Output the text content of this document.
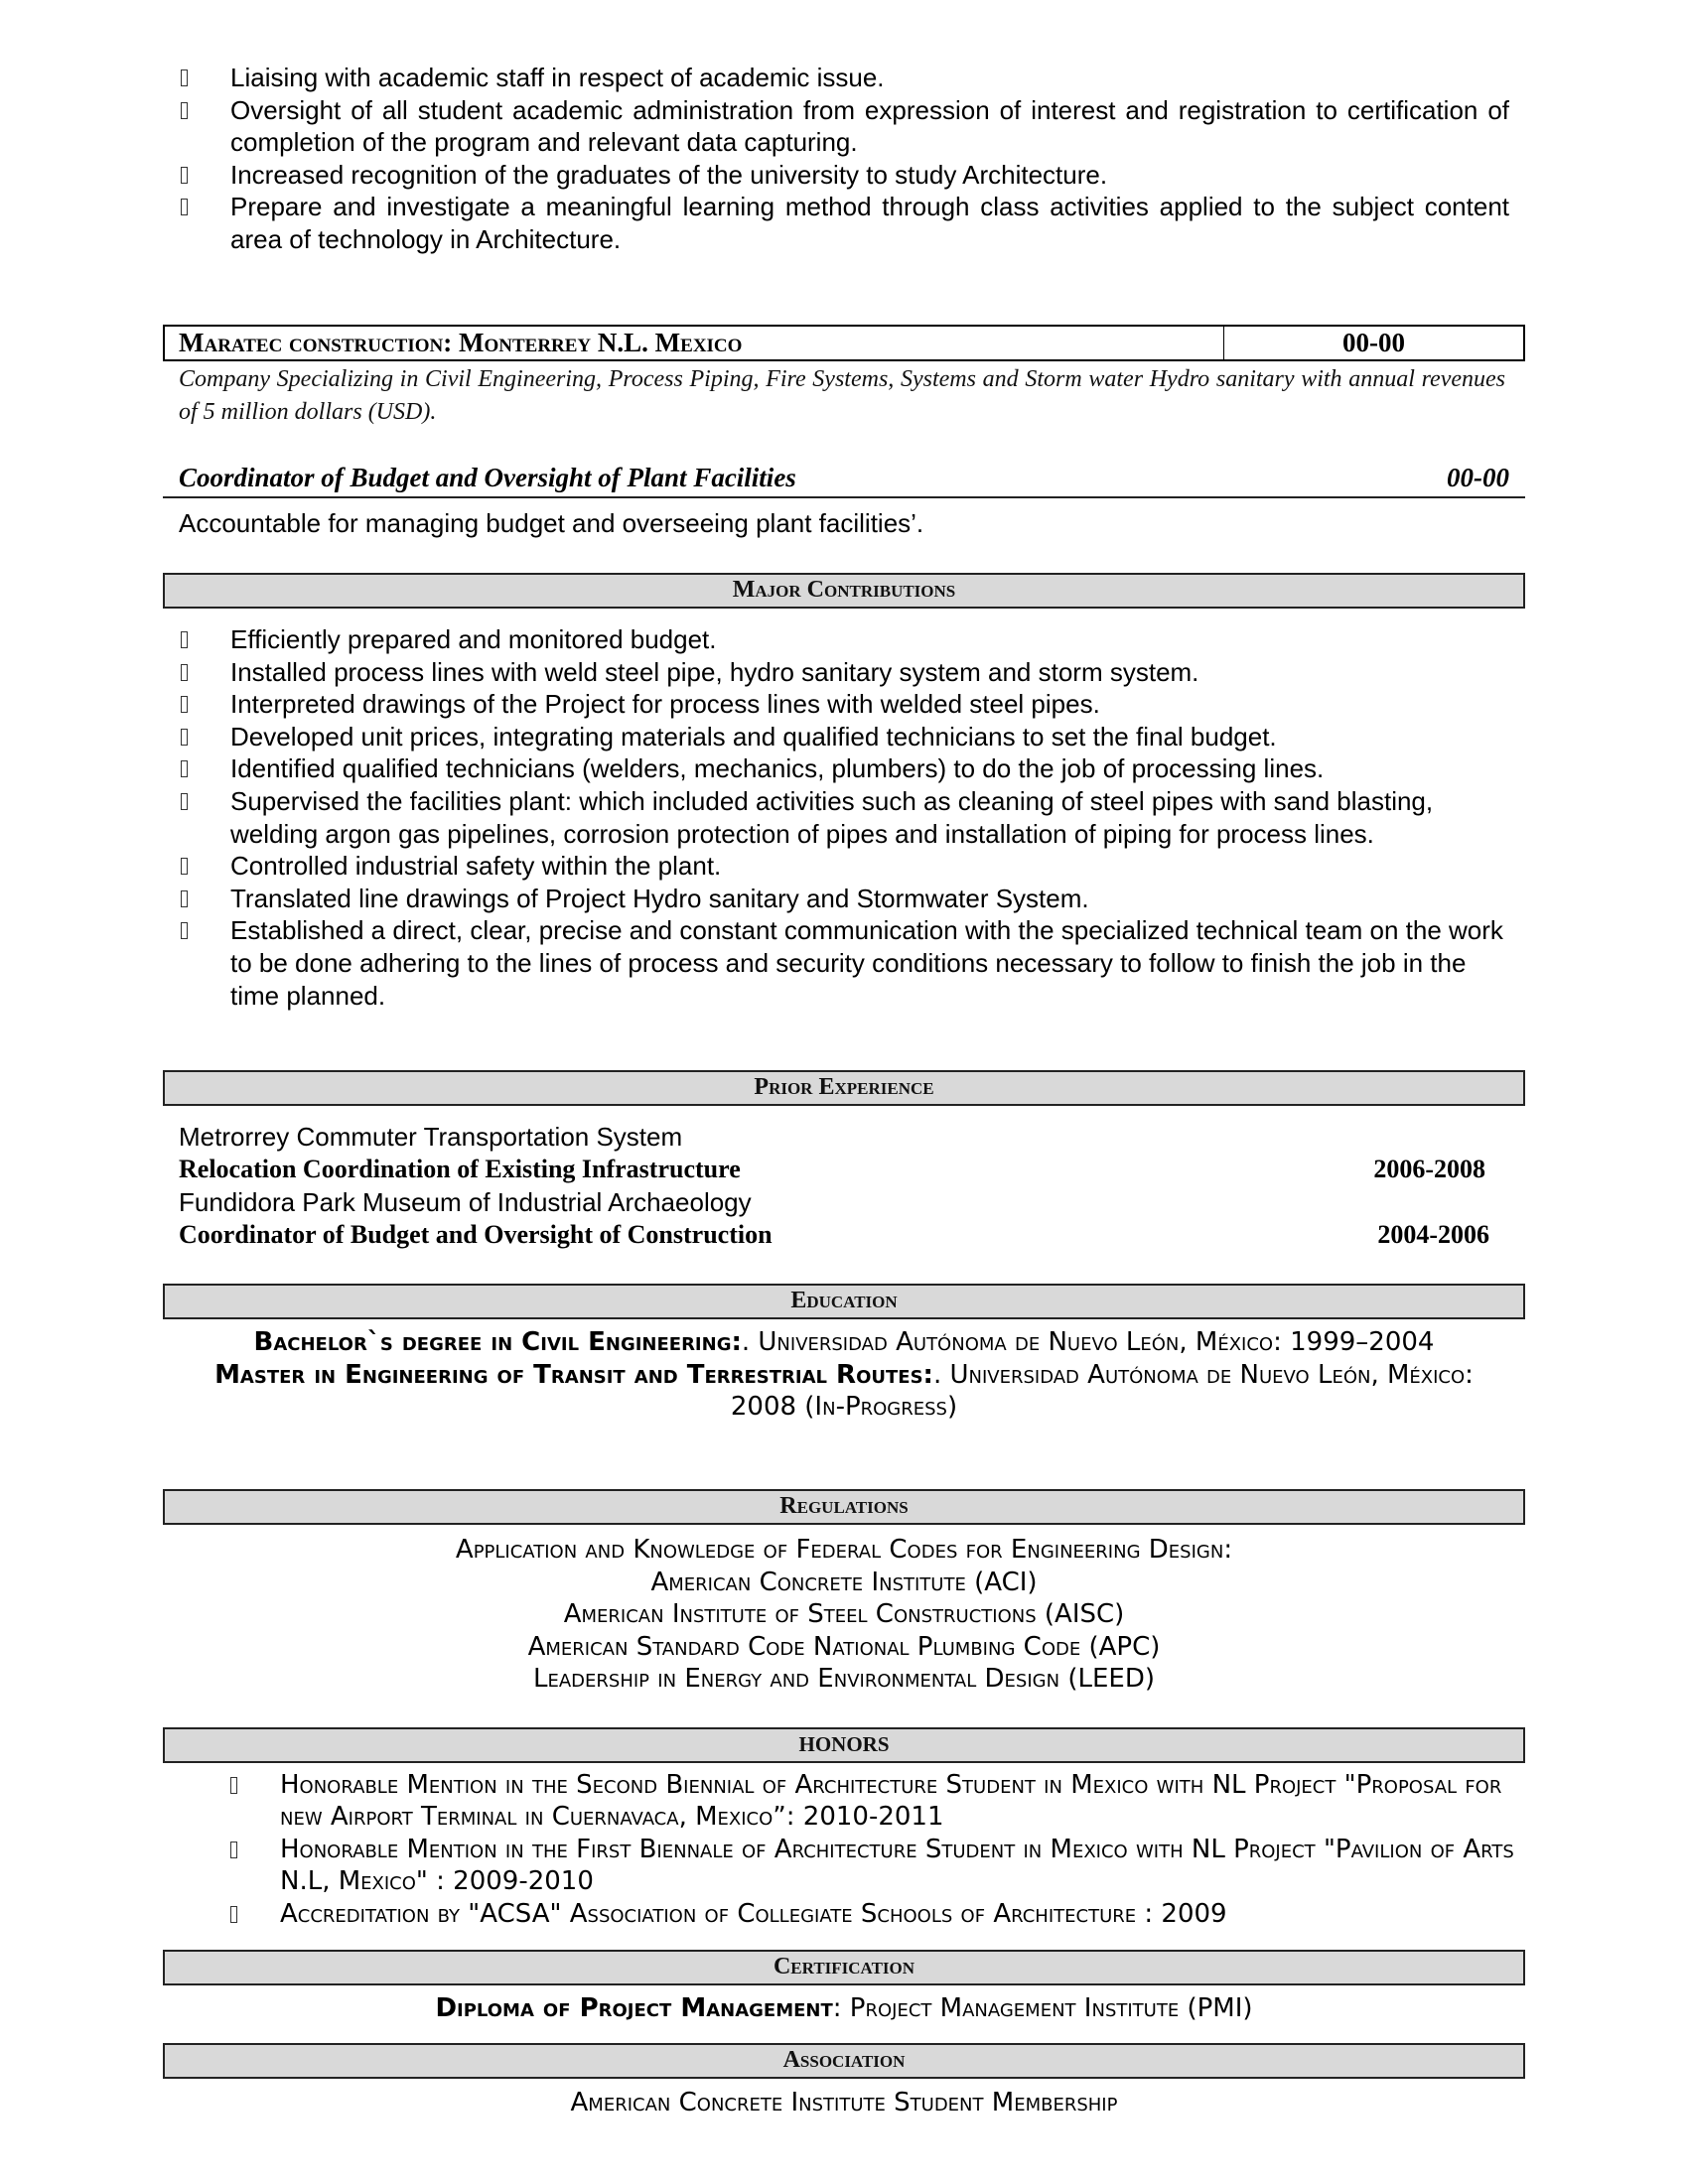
Liaising with academic staff in respect of academic issue.
Oversight of all student academic administration from expression of interest and registration to certification of completion of the program and relevant data capturing.
Increased recognition of the graduates of the university to study Architecture.
Prepare and investigate a meaningful learning method through class activities applied to the subject content area of technology in Architecture.
Maratec construction: Monterrey N.L. Mexico	00-00
Company Specializing in Civil Engineering, Process Piping, Fire Systems, Systems and Storm water Hydro sanitary with annual revenues of 5 million dollars (USD).
Coordinator of Budget and Oversight of Plant Facilities	00-00
Accountable for managing budget and overseeing plant facilities’.
Major Contributions
Efficiently prepared and monitored budget.
Installed process lines with weld steel pipe, hydro sanitary system and storm system.
Interpreted drawings of the Project for process lines with welded steel pipes.
Developed unit prices, integrating materials and qualified technicians to set the final budget.
Identified qualified technicians (welders, mechanics, plumbers) to do the job of processing lines.
Supervised the facilities plant: which included activities such as cleaning of steel pipes with sand blasting, welding argon gas pipelines, corrosion protection of pipes and installation of piping for process lines.
Controlled industrial safety within the plant.
Translated line drawings of Project Hydro sanitary and Stormwater System.
Established a direct, clear, precise and constant communication with the specialized technical team on the work to be done adhering to the lines of process and security conditions necessary to follow to finish the job in the time planned.
Prior Experience
Metrorrey Commuter Transportation System
Relocation Coordination of Existing Infrastructure	2006-2008
Fundidora Park Museum of Industrial Archaeology
Coordinator of Budget and Oversight of Construction	2004-2006
Education
Bachelor`s degree in Civil Engineering:. Universidad Autónoma de Nuevo León, México: 1999–2004
Master in Engineering of Transit and Terrestrial Routes:. Universidad Autónoma de Nuevo León, México: 2008 (In-Progress)
Regulations
Application and Knowledge of Federal Codes for Engineering Design:
American Concrete Institute (ACI)
American Institute of Steel Constructions (AISC)
American Standard Code National Plumbing Code (APC)
Leadership in Energy and Environmental Design (LEED)
HONORS
Honorable Mention in the Second Biennial of Architecture Student in Mexico with NL Project "Proposal for new Airport Terminal in Cuernavaca, Mexico”: 2010-2011
Honorable Mention in the First Biennale of Architecture Student in Mexico with NL Project "Pavilion of Arts N.L, Mexico" : 2009-2010
Accreditation by "ACSA" Association of Collegiate Schools of Architecture : 2009
Certification
Diploma of Project Management: Project Management Institute (PMI)
Association
American Concrete Institute Student Membership
